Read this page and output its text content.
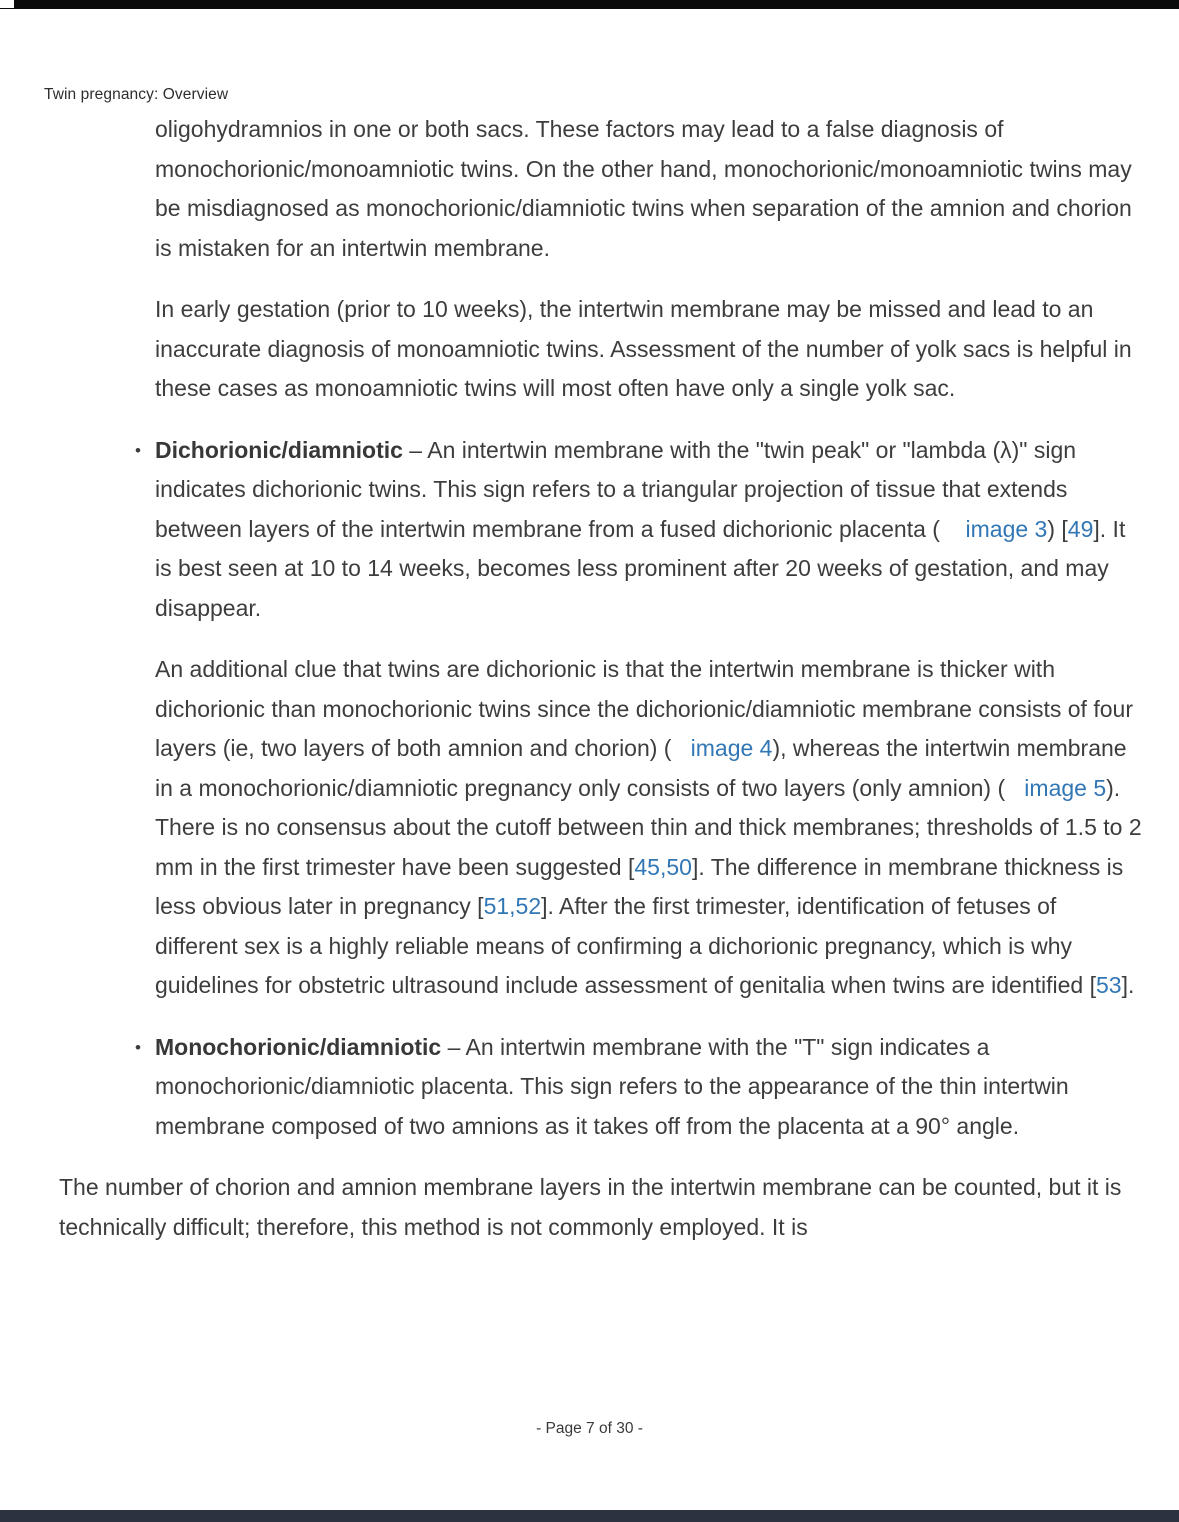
Twin pregnancy: Overview
oligohydramnios in one or both sacs. These factors may lead to a false diagnosis of monochorionic/monoamniotic twins. On the other hand, monochorionic/monoamniotic twins may be misdiagnosed as monochorionic/diamniotic twins when separation of the amnion and chorion is mistaken for an intertwin membrane.
In early gestation (prior to 10 weeks), the intertwin membrane may be missed and lead to an inaccurate diagnosis of monoamniotic twins. Assessment of the number of yolk sacs is helpful in these cases as monoamniotic twins will most often have only a single yolk sac.
• Dichorionic/diamniotic – An intertwin membrane with the "twin peak" or "lambda (λ)" sign indicates dichorionic twins. This sign refers to a triangular projection of tissue that extends between layers of the intertwin membrane from a fused dichorionic placenta (    image 3) [49]. It is best seen at 10 to 14 weeks, becomes less prominent after 20 weeks of gestation, and may disappear.
An additional clue that twins are dichorionic is that the intertwin membrane is thicker with dichorionic than monochorionic twins since the dichorionic/diamniotic membrane consists of four layers (ie, two layers of both amnion and chorion) (   image 4), whereas the intertwin membrane in a monochorionic/diamniotic pregnancy only consists of two layers (only amnion) (   image 5). There is no consensus about the cutoff between thin and thick membranes; thresholds of 1.5 to 2 mm in the first trimester have been suggested [45,50]. The difference in membrane thickness is less obvious later in pregnancy [51,52]. After the first trimester, identification of fetuses of different sex is a highly reliable means of confirming a dichorionic pregnancy, which is why guidelines for obstetric ultrasound include assessment of genitalia when twins are identified [53].
• Monochorionic/diamniotic – An intertwin membrane with the "T" sign indicates a monochorionic/diamniotic placenta. This sign refers to the appearance of the thin intertwin membrane composed of two amnions as it takes off from the placenta at a 90° angle.
The number of chorion and amnion membrane layers in the intertwin membrane can be counted, but it is technically difficult; therefore, this method is not commonly employed. It is
- Page 7 of 30 -
